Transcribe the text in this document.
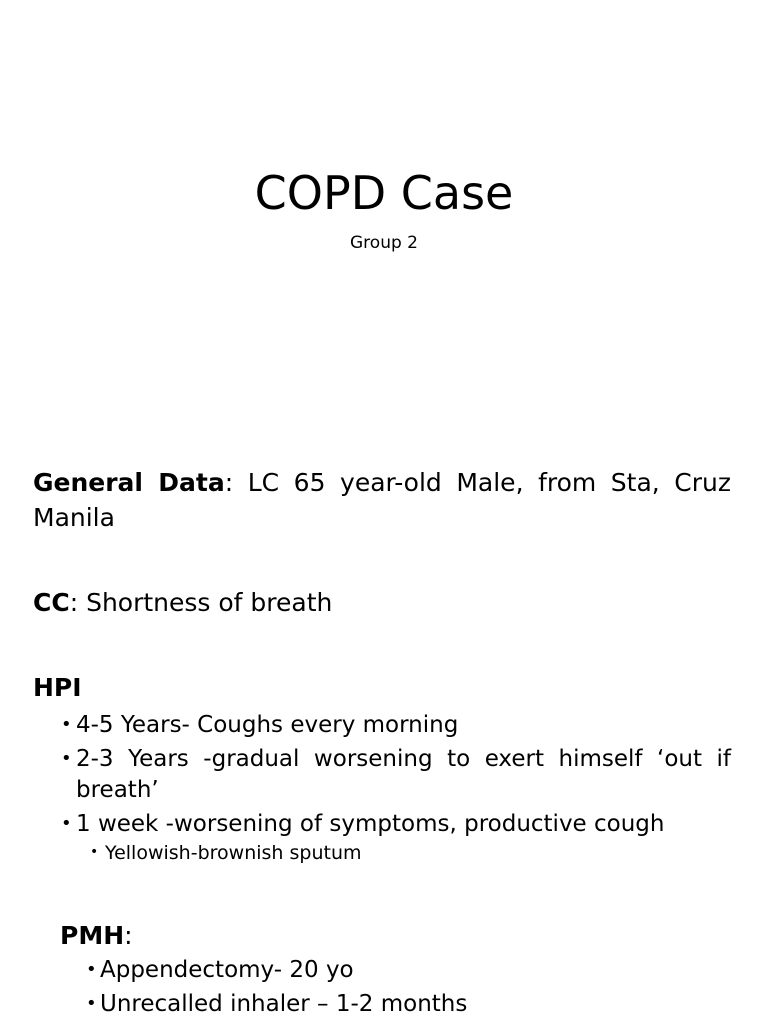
COPD Case

Group 2

General Data: LC 65 year-old Male, from Sta, Cruz Manila

CC: Shortness of breath

HPI

• 4-5 Years- Coughs every morning
• 2-3 Years -gradual worsening to exert himself ‘out if breath’
• 1 week -worsening of symptoms, productive cough
• Yellowish-brownish sputum

PMH:

• Appendectomy- 20 yo
• Unrecalled inhaler – 1-2 months
